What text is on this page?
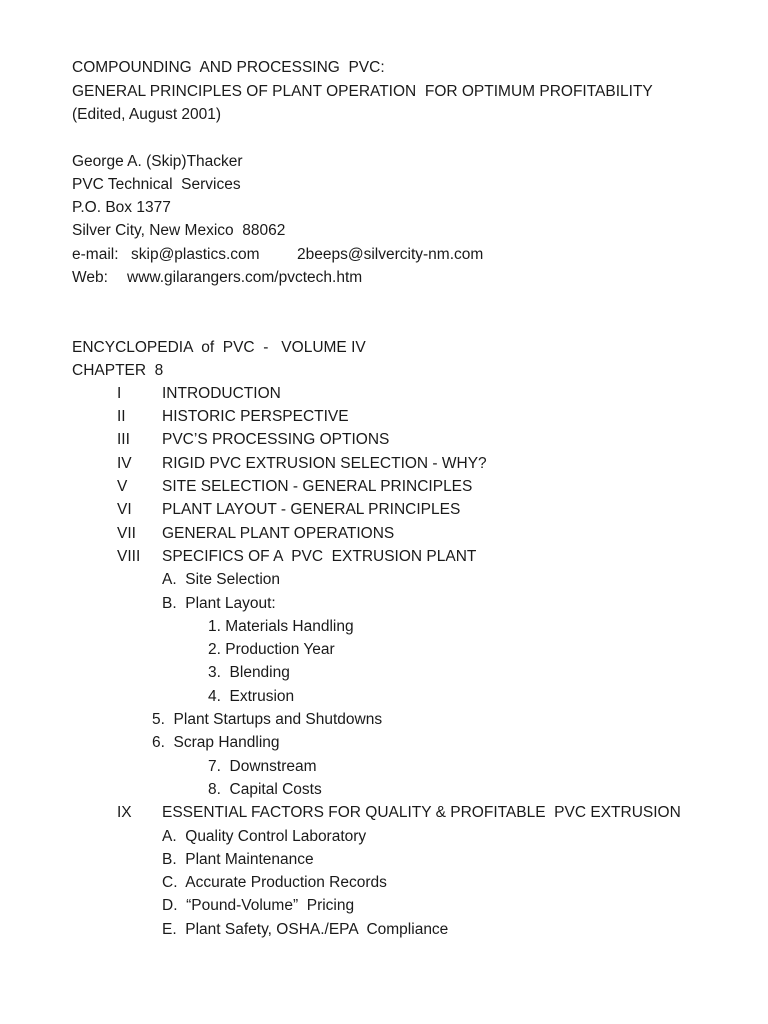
COMPOUNDING  AND PROCESSING  PVC:
GENERAL PRINCIPLES OF PLANT OPERATION  FOR OPTIMUM PROFITABILITY
(Edited, August 2001)
George A. (Skip)Thacker
PVC Technical  Services
P.O. Box 1377
Silver City, New Mexico  88062
e-mail: skip@plastics.com 2beeps@silvercity-nm.com
Web: www.gilarangers.com/pvctech.htm
ENCYCLOPEDIA  of  PVC  -   VOLUME IV
CHAPTER  8
I	INTRODUCTION
II HISTORIC PERSPECTIVE
III PVC’S PROCESSING OPTIONS
IV RIGID PVC EXTRUSION SELECTION - WHY?
V SITE SELECTION - GENERAL PRINCIPLES
VI PLANT LAYOUT - GENERAL PRINCIPLES
VII GENERAL PLANT OPERATIONS
VIII SPECIFICS OF A  PVC  EXTRUSION PLANT
A.  Site Selection
B.  Plant Layout:
1. Materials Handling
2. Production Year
3.  Blending
4.  Extrusion
5.  Plant Startups and Shutdowns
6.  Scrap Handling
7.  Downstream
8.  Capital Costs
IX ESSENTIAL FACTORS FOR QUALITY & PROFITABLE  PVC EXTRUSION
A.  Quality Control Laboratory
B.  Plant Maintenance
C.  Accurate Production Records
D.  “Pound-Volume”  Pricing
E.  Plant Safety, OSHA./EPA  Compliance
